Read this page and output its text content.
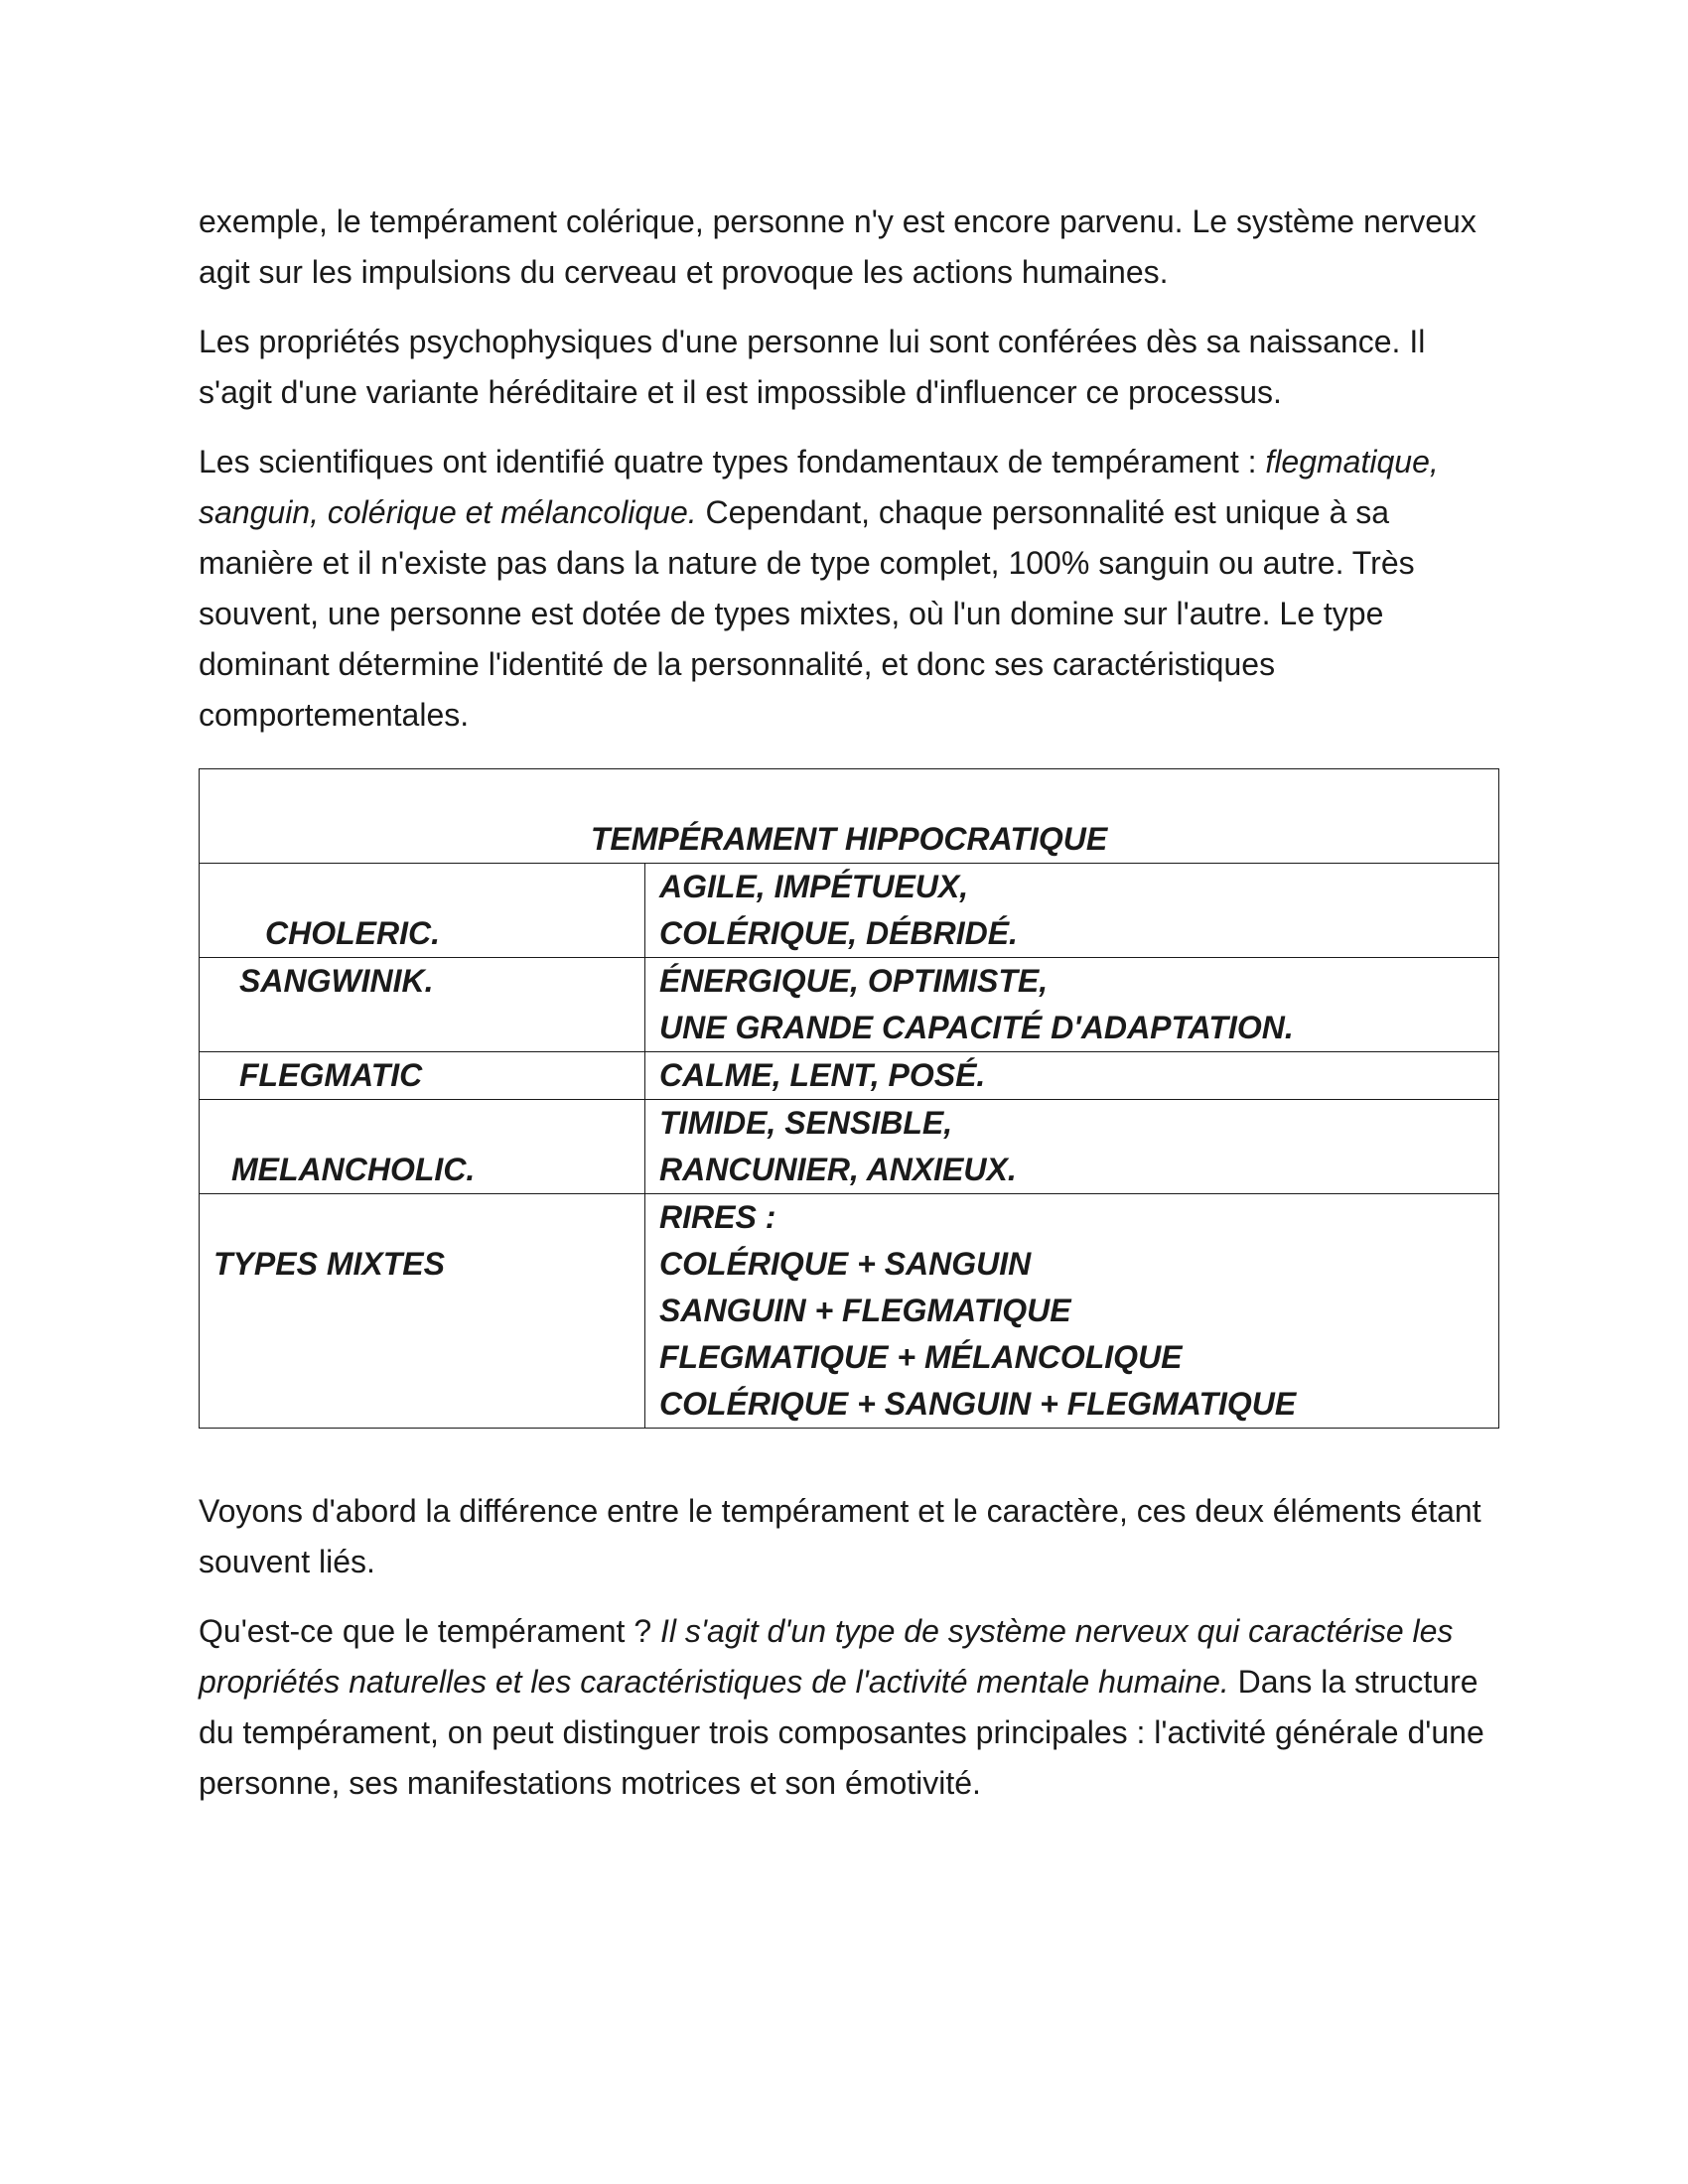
exemple, le tempérament colérique, personne n'y est encore parvenu. Le système nerveux agit sur les impulsions du cerveau et provoque les actions humaines.

Les propriétés psychophysiques d'une personne lui sont conférées dès sa naissance. Il s'agit d'une variante héréditaire et il est impossible d'influencer ce processus.

Les scientifiques ont identifié quatre types fondamentaux de tempérament : flegmatique, sanguin, colérique et mélancolique. Cependant, chaque personnalité est unique à sa manière et il n'existe pas dans la nature de type complet, 100% sanguin ou autre. Très souvent, une personne est dotée de types mixtes, où l'un domine sur l'autre. Le type dominant détermine l'identité de la personnalité, et donc ses caractéristiques comportementales.

TEMPÉRAMENT HIPPOCRATIQUE	
CHOLERIC.	AGILE, IMPÉTUEUX,
COLÉRIQUE, DÉBRIDÉ.

SANGWINIK.	ÉNERGIQUE, OPTIMISTE,
UNE GRANDE CAPACITÉ D'ADAPTATION.

FLEGMATIC	CALME, LENT, POSÉ.

MELANCHOLIC.	TIMIDE, SENSIBLE,
RANCUNIER, ANXIEUX.

TYPES MIXTES	RIRES :
COLÉRIQUE + SANGUIN
SANGUIN + FLEGMATIQUE
FLEGMATIQUE + MÉLANCOLIQUE
COLÉRIQUE + SANGUIN + FLEGMATIQUE

Voyons d'abord la différence entre le tempérament et le caractère, ces deux éléments étant souvent liés.

Qu'est-ce que le tempérament ? Il s'agit d'un type de système nerveux qui caractérise les propriétés naturelles et les caractéristiques de l'activité mentale humaine. Dans la structure du tempérament, on peut distinguer trois composantes principales : l'activité générale d'une personne, ses manifestations motrices et son émotivité.
